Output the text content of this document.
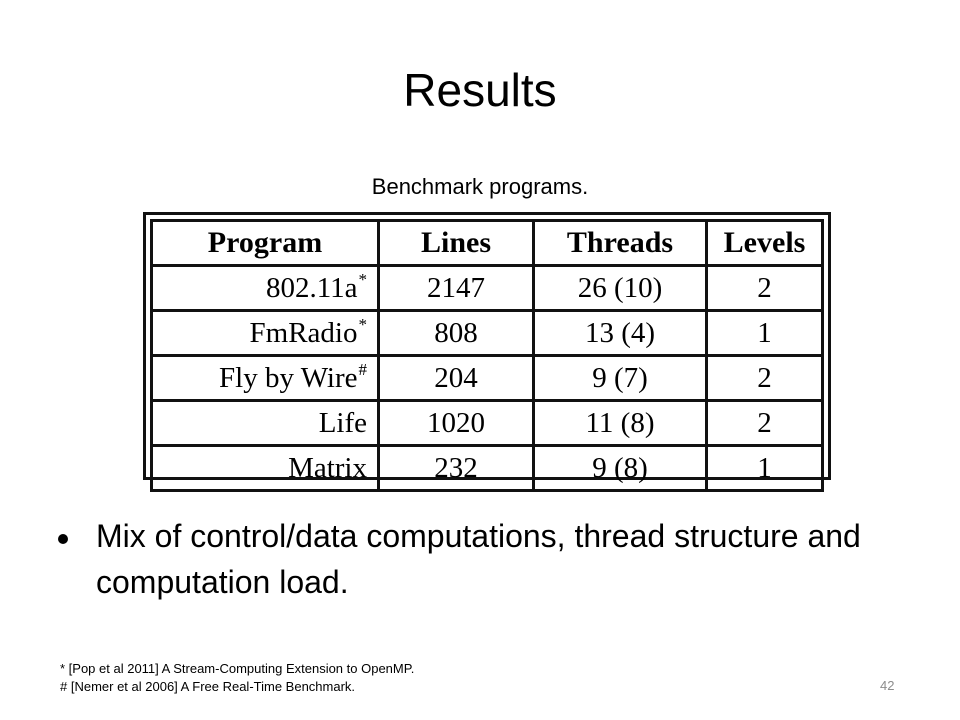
Results
Benchmark programs.
Program	Lines	Threads	Levels
802.11a*	2147	26 (10)	2
FmRadio*	808	13 (4)	1
Fly by Wire#	204	9 (7)	2
Life	1020	11 (8)	2
Matrix	232	9 (8)	1
Mix of control/data computations, thread structure and computation load.
* [Pop et al 2011] A Stream-Computing Extension to OpenMP.
# [Nemer et al 2006] A Free Real-Time Benchmark.	42
